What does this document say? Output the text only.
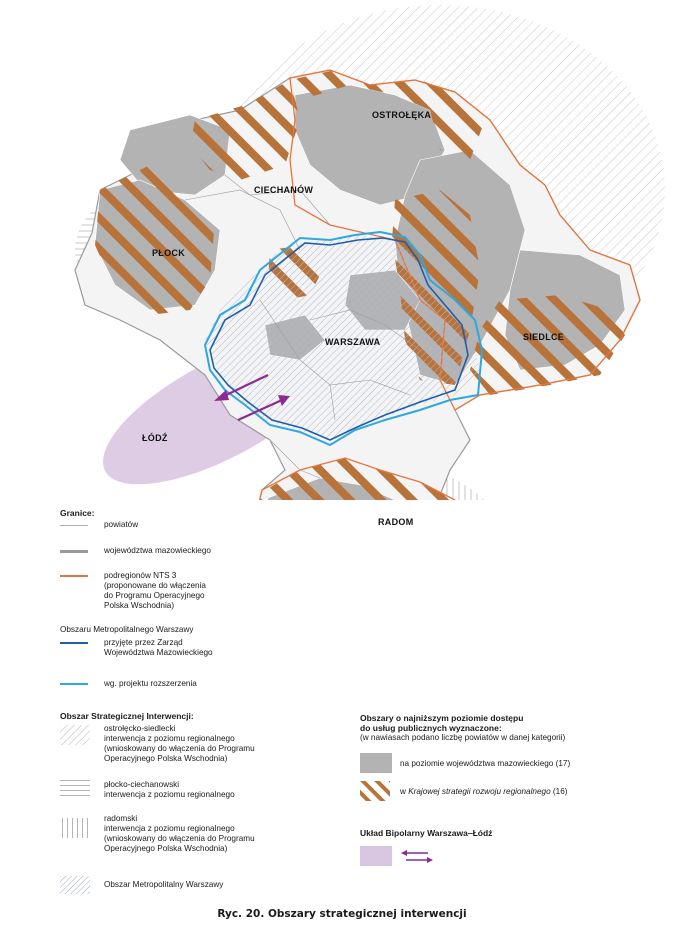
OSTROŁĘKA
CIECHANÓW
PŁOCK
WARSZAWA	SIEDLCE
ŁÓDŹ
RADOM
Granice:
powiatów
województwa mazowieckiego
podregionów NTS 3
(proponowane do włączenia
do Programu Operacyjnego
Polska Wschodnia)
Obszaru Metropolitalnego Warszawy
przyjęte przez Zarząd
Województwa Mazowieckiego
wg. projektu rozszerzenia
Obszar Strategicznej Interwencji:
ostrołęcko-siedlecki
interwencja z poziomu regionalnego
(wnioskowany do włączenia do Programu
Operacyjnego Polska Wschodnia)
płocko-ciechanowski
interwencja z poziomu regionalnego
radomski
interwencja z poziomu regionalnego
(wnioskowany do włączenia do Programu
Operacyjnego Polska Wschodnia)
Obszar Metropolitalny Warszawy
Obszary o najniższym poziomie dostępu
do usług publicznych wyznaczone:
(w nawiasach podano liczbę powiatów w danej kategorii)
na poziomie województwa mazowieckiego (17)
w Krajowej strategii rozwoju regionalnego (16)
Układ Bipolarny Warszawa–Łódź
Ryc. 20. Obszary strategicznej interwencji
